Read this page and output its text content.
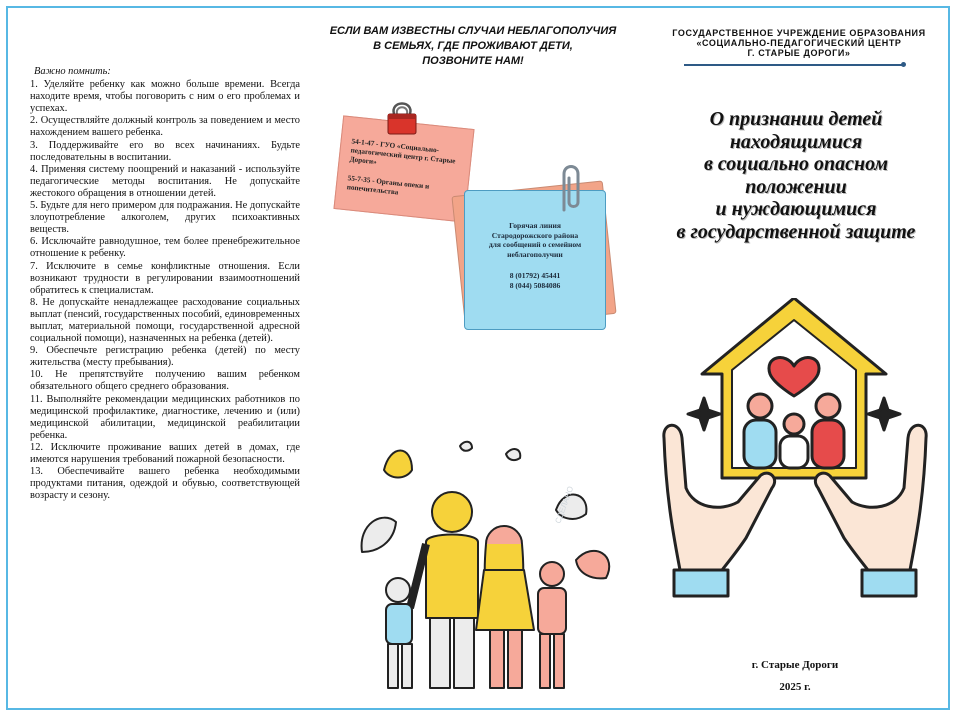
Важно помнить:
1. Уделяйте ребенку как можно больше времени. Всегда находите время, чтобы поговорить с ним о его проблемах и успехах.
2. Осуществляйте должный контроль за поведением и место нахождением вашего ребенка.
3. Поддерживайте его во всех начинаниях. Будьте последовательны в воспитании.
4. Применяя систему поощрений и наказаний - используйте педагогические методы воспитания. Не допускайте жестокого обращения в отношении детей.
5. Будьте для него примером для подражания. Не допускайте злоупотребление алкоголем, других психоактивных веществ.
6. Исключайте равнодушное, тем более пренебрежительное отношение к ребенку.
7. Исключите в семье конфликтные отношения. Если возникают трудности в регулировании взаимоотношений обратитесь к специалистам.
8. Не допускайте ненадлежащее расходование социальных выплат (пенсий, государственных пособий, единовременных выплат, материальной помощи, государственной адресной социальной помощи), назначенных на ребенка (детей).
9. Обеспечьте регистрацию ребенка (детей) по месту жительства (месту пребывания).
10. Не препятствуйте получению вашим ребенком обязательного общего среднего образования.
11. Выполняйте рекомендации медицинских работников по медицинской профилактике, диагностике, лечению и (или) медицинской абилитации, медицинской реабилитации ребенка.
12. Исключите проживание ваших детей в домах, где имеются нарушения требований пожарной безопасности.
13. Обеспечивайте вашего ребенка необходимыми продуктами питания, одеждой и обувью, соответствующей возрасту и сезону.
ЕСЛИ ВАМ ИЗВЕСТНЫ СЛУЧАИ НЕБЛАГОПОЛУЧИЯ
В СЕМЬЯХ, ГДЕ ПРОЖИВАЮТ ДЕТИ,
ПОЗВОНИТЕ НАМ!
54-1-47 - ГУО «Социально-педагогический центр г. Старые Дороги»
55-7-35 - Органы опеки и попечительства
Горячая линия
Стародорожского района
для сообщений о семейном
неблагополучии
8 (01792) 45441
8 (044) 5084086
СДЕЛАНО
ГОСУДАРСТВЕННОЕ УЧРЕЖДЕНИЕ ОБРАЗОВАНИЯ
«СОЦИАЛЬНО-ПЕДАГОГИЧЕСКИЙ ЦЕНТР
Г. СТАРЫЕ ДОРОГИ»
О признании детей
находящимися
в социально опасном
положении
и нуждающимися
в государственной защите
г. Старые Дороги
2025 г.
